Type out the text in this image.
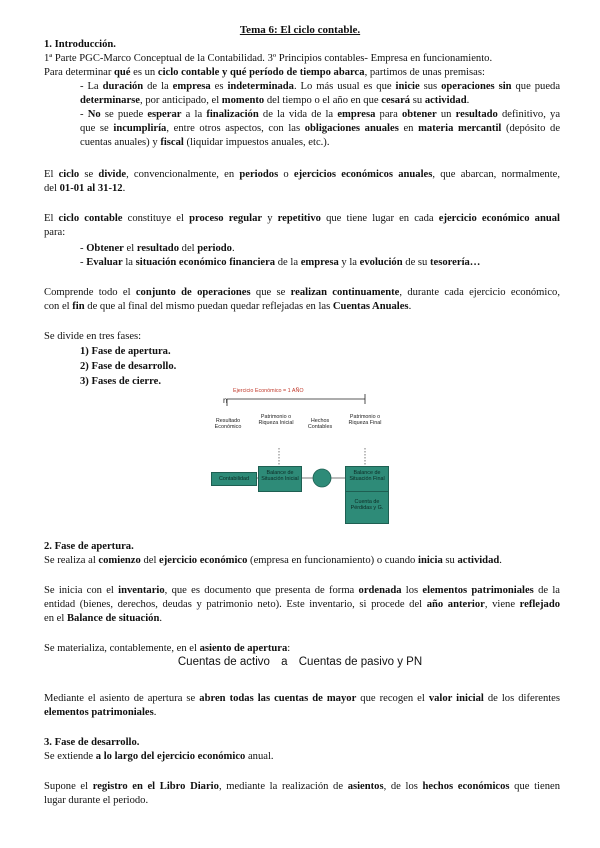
Tema 6: El ciclo contable.
1. Introducción.
1ª Parte PGC-Marco Conceptual de la Contabilidad. 3º Principios contables- Empresa en funcionamiento.
Para determinar qué es un ciclo contable y qué período de tiempo abarca, partimos de unas premisas:
- La duración de la empresa es indeterminada. Lo más usual es que inicie sus operaciones sin que pueda
determinarse, por anticipado, el momento del tiempo o el año en que cesará su actividad.
- No se puede esperar a la finalización de la vida de la empresa para obtener un resultado definitivo, ya
que se incumpliría, entre otros aspectos, con las obligaciones anuales en materia mercantil (depósito de
cuentas anuales) y fiscal (liquidar impuestos anuales, etc.).
El ciclo se divide, convencionalmente, en periodos o ejercicios económicos anuales, que abarcan, normalmente,
del 01-01 al 31-12.
El ciclo contable constituye el proceso regular y repetitivo que tiene lugar en cada ejercicio económico anual
para:
- Obtener el resultado del periodo.
- Evaluar la situación económico financiera de la empresa y la evolución de su tesorería…
Comprende todo el conjunto de operaciones que se realizan continuamente, durante cada ejercicio económico,
con el fin de que al final del mismo puedan quedar reflejadas en las Cuentas Anuales.
Se divide en tres fases:
1) Fase de apertura.
2) Fase de desarrollo.
3) Fases de cierre.
Ejercicio Económico = 1 AÑO
n
Resultado Económico
Patrimonio o Riqueza Inicial	Hechos Contables
Patrimonio o Riqueza Final
Contabilidad
Balance de Situación Inicial
Balance de Situación Final
Cuenta de Pérdidas y G.
2. Fase de apertura.
Se realiza al comienzo del ejercicio económico (empresa en funcionamiento) o cuando inicia su actividad.
Se inicia con el inventario, que es documento que presenta de forma ordenada los elementos patrimoniales de la
entidad (bienes, derechos, deudas y patrimonio neto). Este inventario, si procede del año anterior, viene reflejado
en el Balance de situación.
Se materializa, contablemente, en el asiento de apertura:
Cuentas de activo a Cuentas de pasivo y PN
Mediante el asiento de apertura se abren todas las cuentas de mayor que recogen el valor inicial de los diferentes
elementos patrimoniales.
3. Fase de desarrollo.
Se extiende a lo largo del ejercicio económico anual.
Supone el registro en el Libro Diario, mediante la realización de asientos, de los hechos económicos que tienen
lugar durante el periodo.
